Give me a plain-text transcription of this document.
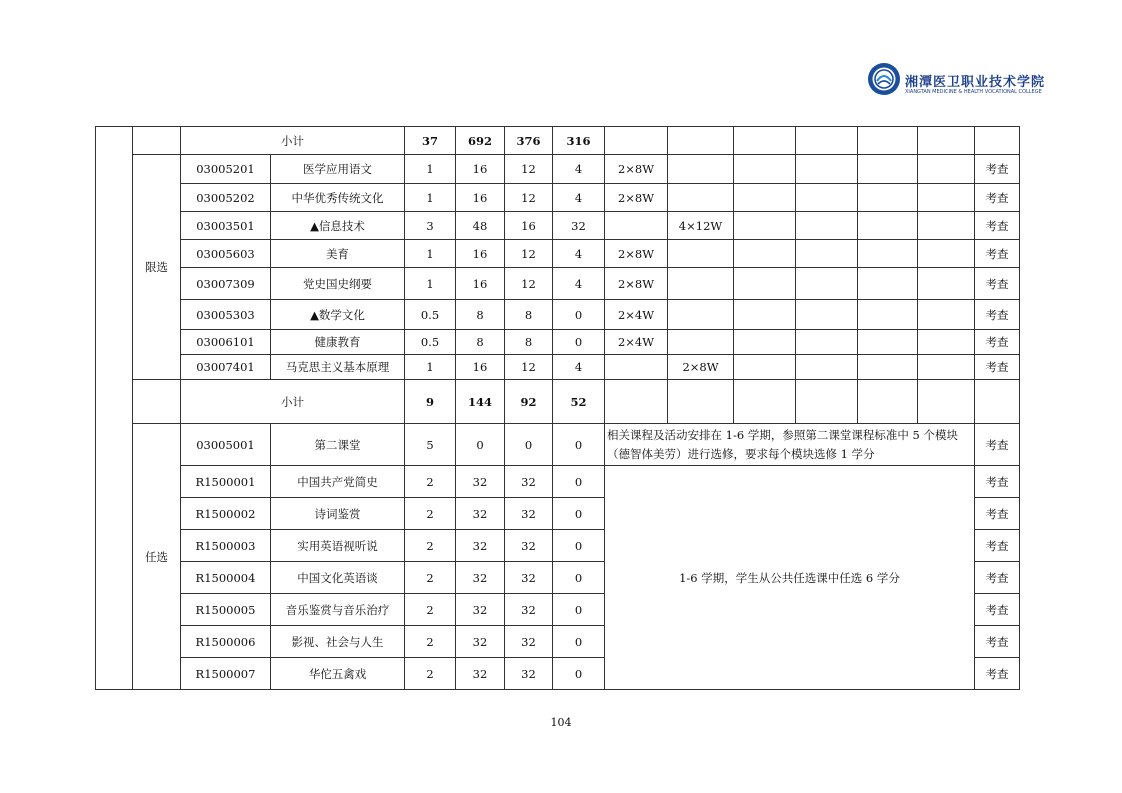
湘潭医卫职业技术学院
XIANGTAN MEDICINE & HEALTH VOCATIONAL COLLEGE
		小计		37	692	376	316							
	限选	03005201	医学应用语文	1	16	12	4	2×8W						考查
		03005202	中华优秀传统文化	1	16	12	4	2×8W						考查
		03003501	▲信息技术	3	48	16	32		4×12W					考查
		03005603	美育	1	16	12	4	2×8W						考查
		03007309	党史国史纲要	1	16	12	4	2×8W						考查
		03005303	▲数学文化	0.5	8	8	0	2×4W						考查
		03006101	健康教育	0.5	8	8	0	2×4W						考查
		03007401	马克思主义基本原理	1	16	12	4		2×8W					考查
		小计		9	144	92	52							
	任选	03005001	第二课堂	5	0	0	0	相关课程及活动安排在 1-6 学期，参照第二课堂课程标准中 5 个模块（德智体美劳）进行选修，要求每个模块选修 1 学分						考查
		R1500001	中国共产党简史	2	32	32	0	1-6 学期，学生从公共任选课中任选 6 学分						考查
		R1500002	诗词鉴赏	2	32	32	0							考查
		R1500003	实用英语视听说	2	32	32	0							考查
		R1500004	中国文化英语谈	2	32	32	0							考查
		R1500005	音乐鉴赏与音乐治疗	2	32	32	0							考查
		R1500006	影视、社会与人生	2	32	32	0							考查
		R1500007	华佗五禽戏	2	32	32	0							考查
104
